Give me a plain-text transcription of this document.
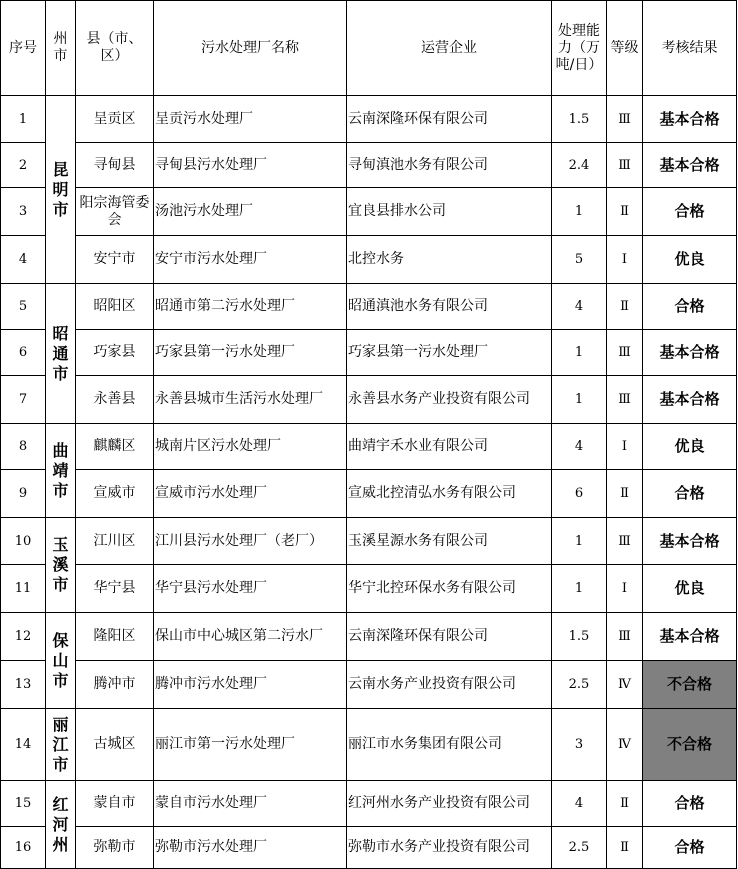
序号	州市	县（市、区）	污水处理厂名称	运营企业	处理能力（万吨/日）	等级	考核结果
1	昆明市	呈贡区	呈贡污水处理厂	云南深隆环保有限公司	1.5	Ⅲ	基本合格
2		寻甸县	寻甸县污水处理厂	寻甸滇池水务有限公司	2.4	Ⅲ	基本合格
3		阳宗海管委会	汤池污水处理厂	宜良县排水公司	1	Ⅱ	合格
4		安宁市	安宁市污水处理厂	北控水务	5	Ⅰ	优良
5	昭通市	昭阳区	昭通市第二污水处理厂	昭通滇池水务有限公司	4	Ⅱ	合格
6		巧家县	巧家县第一污水处理厂	巧家县第一污水处理厂	1	Ⅲ	基本合格
7		永善县	永善县城市生活污水处理厂	永善县水务产业投资有限公司	1	Ⅲ	基本合格
8	曲靖市	麒麟区	城南片区污水处理厂	曲靖宇禾水业有限公司	4	Ⅰ	优良
9		宣威市	宣威市污水处理厂	宣威北控清弘水务有限公司	6	Ⅱ	合格
10	玉溪市	江川区	江川县污水处理厂（老厂）	玉溪星源水务有限公司	1	Ⅲ	基本合格
11		华宁县	华宁县污水处理厂	华宁北控环保水务有限公司	1	Ⅰ	优良
12	保山市	隆阳区	保山市中心城区第二污水厂	云南深隆环保有限公司	1.5	Ⅲ	基本合格
13		腾冲市	腾冲市污水处理厂	云南水务产业投资有限公司	2.5	Ⅳ	不合格
14	丽江市	古城区	丽江市第一污水处理厂	丽江市水务集团有限公司	3	Ⅳ	不合格
15	红河州	蒙自市	蒙自市污水处理厂	红河州水务产业投资有限公司	4	Ⅱ	合格
16		弥勒市	弥勒市污水处理厂	弥勒市水务产业投资有限公司	2.5	Ⅱ	合格
